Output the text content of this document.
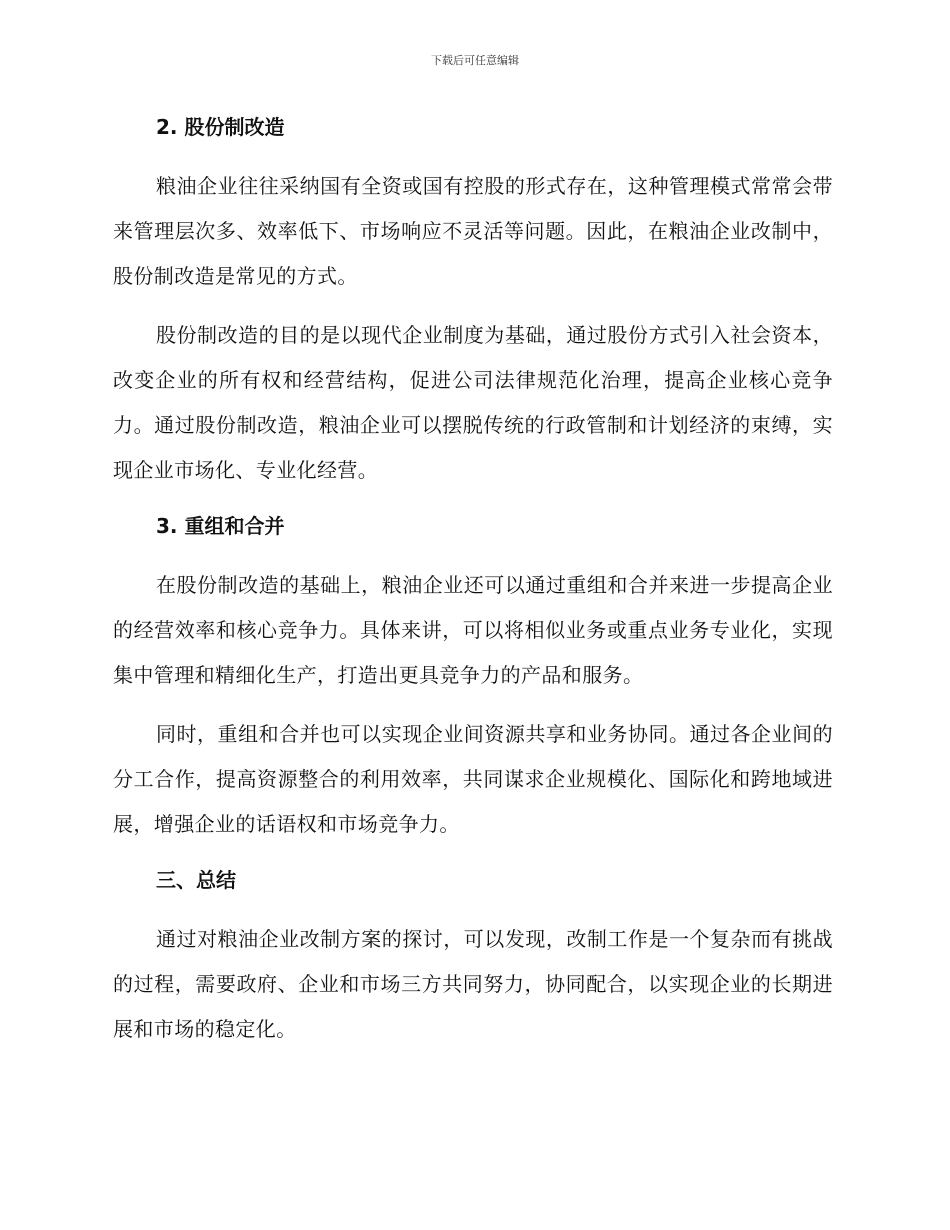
下载后可任意编辑
2. 股份制改造

粮油企业往往采纳国有全资或国有控股的形式存在，这种管理模式常常会带来管理层次多、效率低下、市场响应不灵活等问题。因此，在粮油企业改制中，股份制改造是常见的方式。

股份制改造的目的是以现代企业制度为基础，通过股份方式引入社会资本，改变企业的所有权和经营结构，促进公司法律规范化治理，提高企业核心竞争力。通过股份制改造，粮油企业可以摆脱传统的行政管制和计划经济的束缚，实现企业市场化、专业化经营。

3. 重组和合并

在股份制改造的基础上，粮油企业还可以通过重组和合并来进一步提高企业的经营效率和核心竞争力。具体来讲，可以将相似业务或重点业务专业化，实现集中管理和精细化生产，打造出更具竞争力的产品和服务。

同时，重组和合并也可以实现企业间资源共享和业务协同。通过各企业间的分工合作，提高资源整合的利用效率，共同谋求企业规模化、国际化和跨地域进展，增强企业的话语权和市场竞争力。

三、总结

通过对粮油企业改制方案的探讨，可以发现，改制工作是一个复杂而有挑战的过程，需要政府、企业和市场三方共同努力，协同配合，以实现企业的长期进展和市场的稳定化。
